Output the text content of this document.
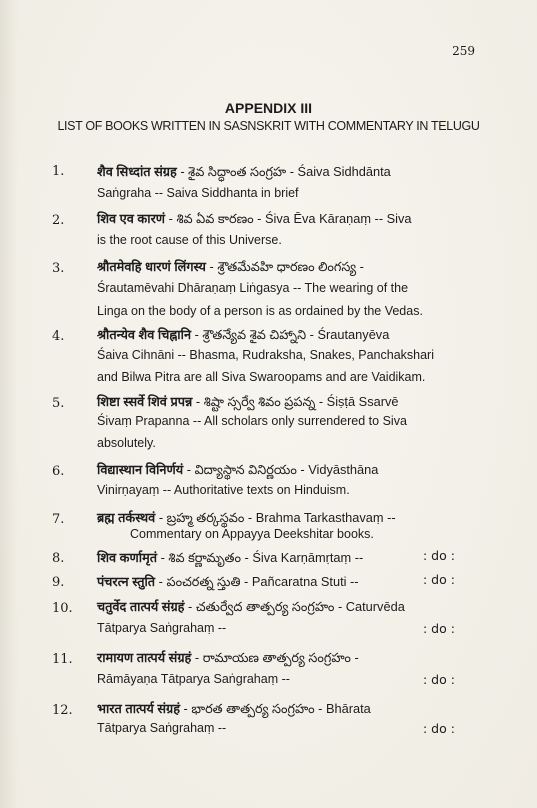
259
APPENDIX III
LIST OF BOOKS WRITTEN IN SASNSKRIT WITH COMMENTARY IN TELUGU
1.	शैव सिध्दांत संग्रह - శైవ సిద్ధాంత సంగ్రహ - Śaiva Sidhdānta
Saṅgraha -- Saiva Siddhanta in brief
2.	शिव एव कारणं - శివ ఏవ కారణం - Śiva Ēva Kāraṇaṃ -- Siva
is the root cause of this Universe.
3.	श्रौतमेवहि धारणं लिंगस्य - శ్రౌతమేవహి ధారణం లింగస్య -
Śrautamēvahi Dhāraṇaṃ Liṅgasya -- The wearing of the
Linga on the body of a person is as ordained by the Vedas.
4.	श्रौतन्येव शैव चिह्नानि - శ్రౌతన్యేవ శైవ చిహ్నాని - Śrautanyēva
Śaiva Cihnāni -- Bhasma, Rudraksha, Snakes, Panchakshari
and Bilwa Pitra are all Siva Swaroopams and are Vaidikam.
5.	शिष्टा स्सर्वे शिवं प्रपन्न - శిష్టా స్సర్వే శివం ప్రపన్న - Śiṣṭā Ssarvē
Śivaṃ Prapanna -- All scholars only surrendered to Siva
absolutely.
6.	विद्यास्थान विनिर्णयं - విద్యాస్థాన వినిర్ణయం - Vidyāsthāna
Vinirṇayaṃ -- Authoritative texts on Hinduism.
7.	ब्रह्म तर्कस्थवं - బ్రహ్మ తర్కస్థవం - Brahma Tarkasthavaṃ --
Commentary on Appayya Deekshitar books.
8.	शिव कर्णामृतं - శివ కర్ణామృతం - Śiva Karṇāmṛtaṃ --	: do :
9.	पंचरत्न स्तुति - పంచరత్న స్తుతి - Pañcaratna Stuti --	: do :
10. चतुर्वेद तात्पर्य संग्रहं - చతుర్వేద తాత్పర్య సంగ్రహం - Caturvēda
Tātparya Saṅgrahaṃ --	: do :
11. रामायण तात्पर्य संग्रहं - రామాయణ తాత్పర్య సంగ్రహం -
Rāmāyaṇa Tātparya Saṅgrahaṃ --	: do :
12. भारत तात्पर्य संग्रहं - భారత తాత్పర్య సంగ్రహం - Bhārata
Tātparya Saṅgrahaṃ --	: do :
